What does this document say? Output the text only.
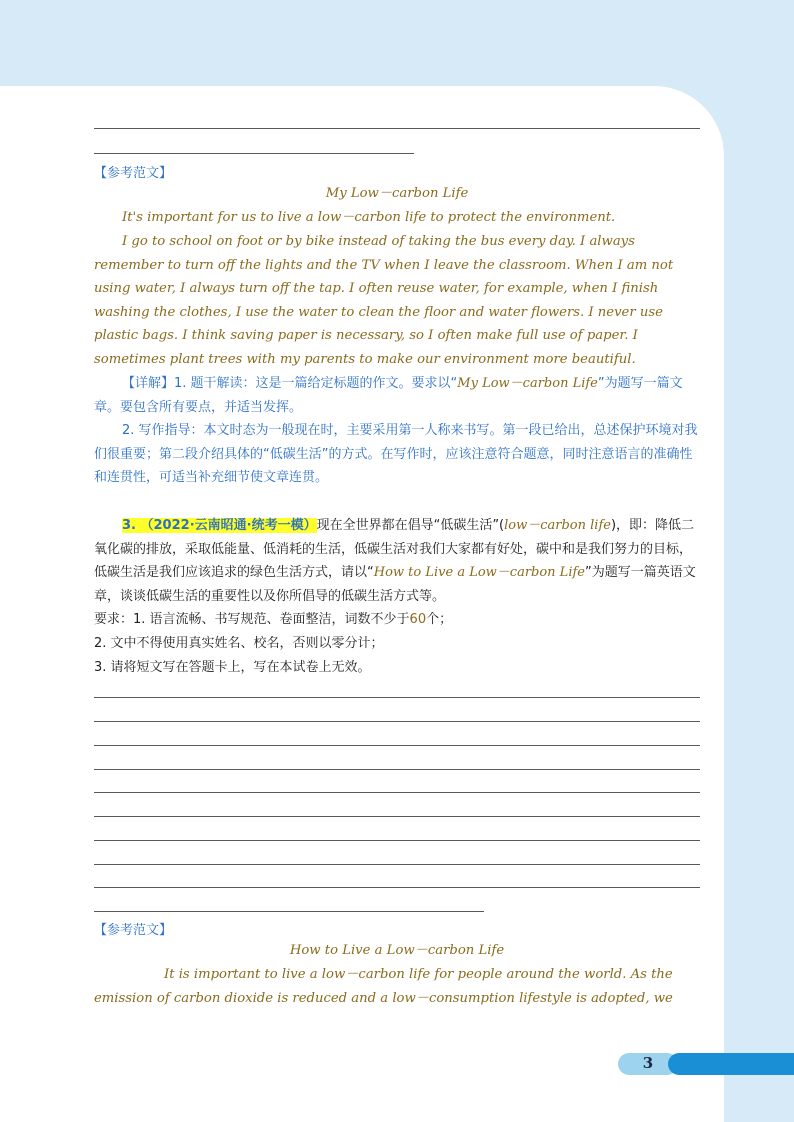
【参考范文】
My Low－carbon Life
It's important for us to live a low－carbon life to protect the environment.
I go to school on foot or by bike instead of taking the bus every day. I always remember to turn off the lights and the TV when I leave the classroom. When I am not using water, I always turn off the tap. I often reuse water, for example, when I finish washing the clothes, I use the water to clean the floor and water flowers. I never use plastic bags. I think saving paper is necessary, so I often make full use of paper. I sometimes plant trees with my parents to make our environment more beautiful.
【详解】1. 题干解读：这是一篇给定标题的作文。要求以“My Low－carbon Life”为题写一篇文章。要包含所有要点，并适当发挥。
2. 写作指导：本文时态为一般现在时，主要采用第一人称来书写。第一段已给出，总述保护环境对我们很重要；第二段介绍具体的“低碳生活”的方式。在写作时，应该注意符合题意，同时注意语言的准确性和连贯性，可适当补充细节使文章连贯。
3. （2022·云南昭通·统考一模）现在全世界都在倡导“低碳生活”(low－carbon life)，即：降低二氧化碳的排放，采取低能量、低消耗的生活，低碳生活对我们大家都有好处，碳中和是我们努力的目标，低碳生活是我们应该追求的绿色生活方式，请以“How to Live a Low－carbon Life”为题写一篇英语文章，谈谈低碳生活的重要性以及你所倡导的低碳生活方式等。
要求：1. 语言流畅、书写规范、卷面整洁，词数不少于60个；
2. 文中不得使用真实姓名、校名，否则以零分计；
3. 请将短文写在答题卡上，写在本试卷上无效。
【参考范文】
How to Live a Low－carbon Life
It is important to live a low－carbon life for people around the world. As the emission of carbon dioxide is reduced and a low－consumption lifestyle is adopted, we
3
